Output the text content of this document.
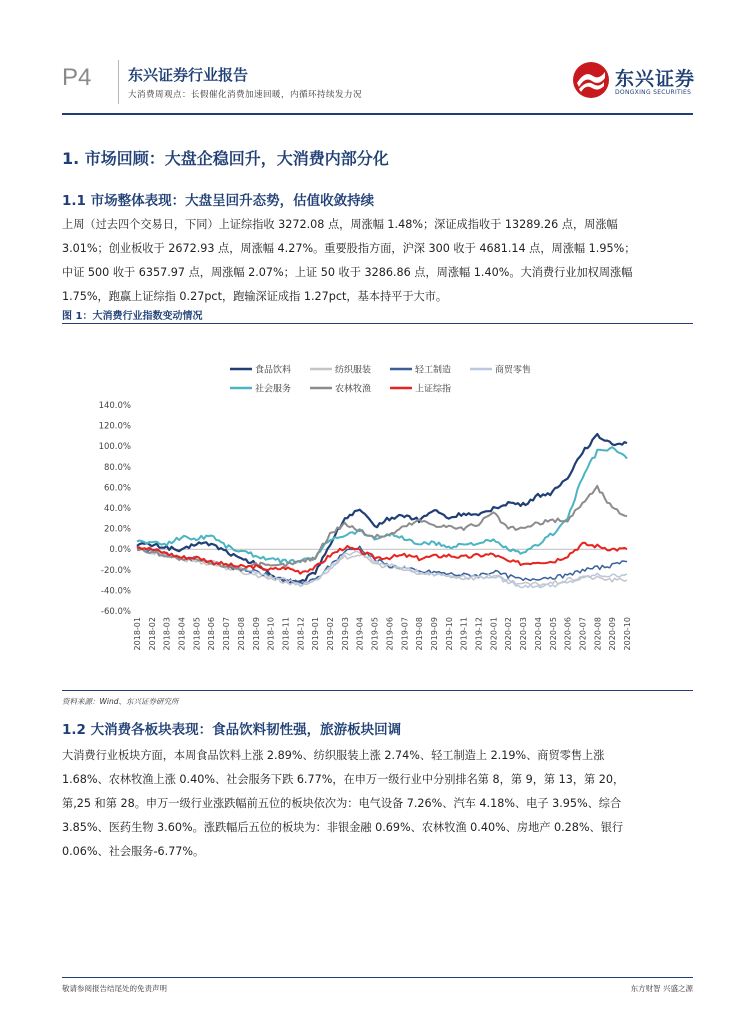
P4 东兴证券行业报告
大消费周观点：长假催化消费加速回暖，内循环持续发力况
东兴证券
DONGXING SECURITIES
1. 市场回顾：大盘企稳回升，大消费内部分化
1.1 市场整体表现：大盘呈回升态势，估值收敛持续
上周（过去四个交易日，下同）上证综指收 3272.08 点，周涨幅 1.48%；深证成指收于 13289.26 点，周涨幅
3.01%；创业板收于 2672.93 点，周涨幅 4.27%。重要股指方面，沪深 300 收于 4681.14 点，周涨幅 1.95%；
中证 500 收于 6357.97 点，周涨幅 2.07%；上证 50 收于 3286.86 点，周涨幅 1.40%。大消费行业加权周涨幅
1.75%，跑赢上证综指 0.27pct，跑输深证成指 1.27pct，基本持平于大市。
图 1：大消费行业指数变动情况
140.0%
120.0%
100.0%
80.0%
60.0%
40.0%
20.0%
0.0%
-20.0%
-40.0%
-60.0%
2018-01 2018-02 2018-03 2018-04 2018-05 2018-06 2018-07 2018-08 2018-09 2018-10 2018-11 2018-12 2019-01 2019-02 2019-03 2019-04 2019-05 2019-06 2019-07 2019-08 2019-09 2019-10 2019-11 2019-12 2020-01 2020-02 2020-03 2020-04 2020-05 2020-06 2020-07 2020-08 2020-09 2020-10
食品饮料	纺织服装	轻工制造	商贸零售
社会服务	农林牧渔	上证综指
资料来源：Wind、东兴证券研究所
1.2 大消费各板块表现：食品饮料韧性强，旅游板块回调
大消费行业板块方面，本周食品饮料上涨 2.89%、纺织服装上涨 2.74%、轻工制造上 2.19%、商贸零售上涨
1.68%、农林牧渔上涨 0.40%、社会服务下跌 6.77%，在申万一级行业中分别排名第 8，第 9，第 13，第 20，
第,25 和第 28。申万一级行业涨跌幅前五位的板块依次为：电气设备 7.26%、汽车 4.18%、电子 3.95%、综合
3.85%、医药生物 3.60%。涨跌幅后五位的板块为：非银金融 0.69%、农林牧渔 0.40%、房地产 0.28%、银行
0.06%、社会服务-6.77%。
敬请参阅报告结尾处的免责声明	东方财智 兴盛之源
